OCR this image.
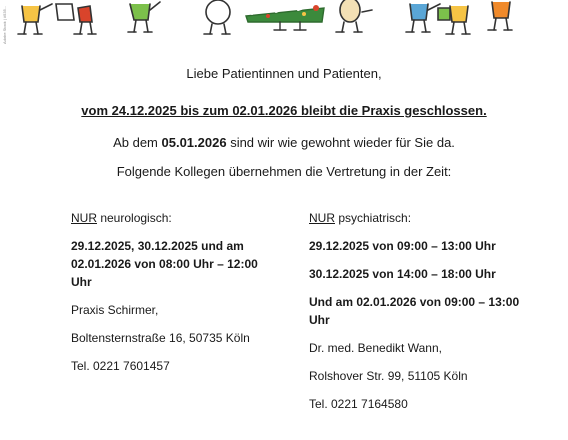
Adobe Stock | #535...
Liebe Patientinnen und Patienten,
vom 24.12.2025 bis zum 02.01.2026 bleibt die Praxis geschlossen.
Ab dem 05.01.2026 sind wir wie gewohnt wieder für Sie da.
Folgende Kollegen übernehmen die Vertretung in der Zeit:

NUR neurologisch:

29.12.2025, 30.12.2025 und am 02.01.2026 von 08:00 Uhr – 12:00 Uhr

Praxis Schirmer,

Boltensternstraße 16, 50735 Köln

Tel. 0221 7601457

NUR psychiatrisch:

29.12.2025 von 09:00 – 13:00 Uhr

30.12.2025 von 14:00 – 18:00 Uhr

Und am 02.01.2026 von 09:00 – 13:00 Uhr

Dr. med. Benedikt Wann,

Rolshover Str. 99, 51105 Köln

Tel. 0221 7164580
